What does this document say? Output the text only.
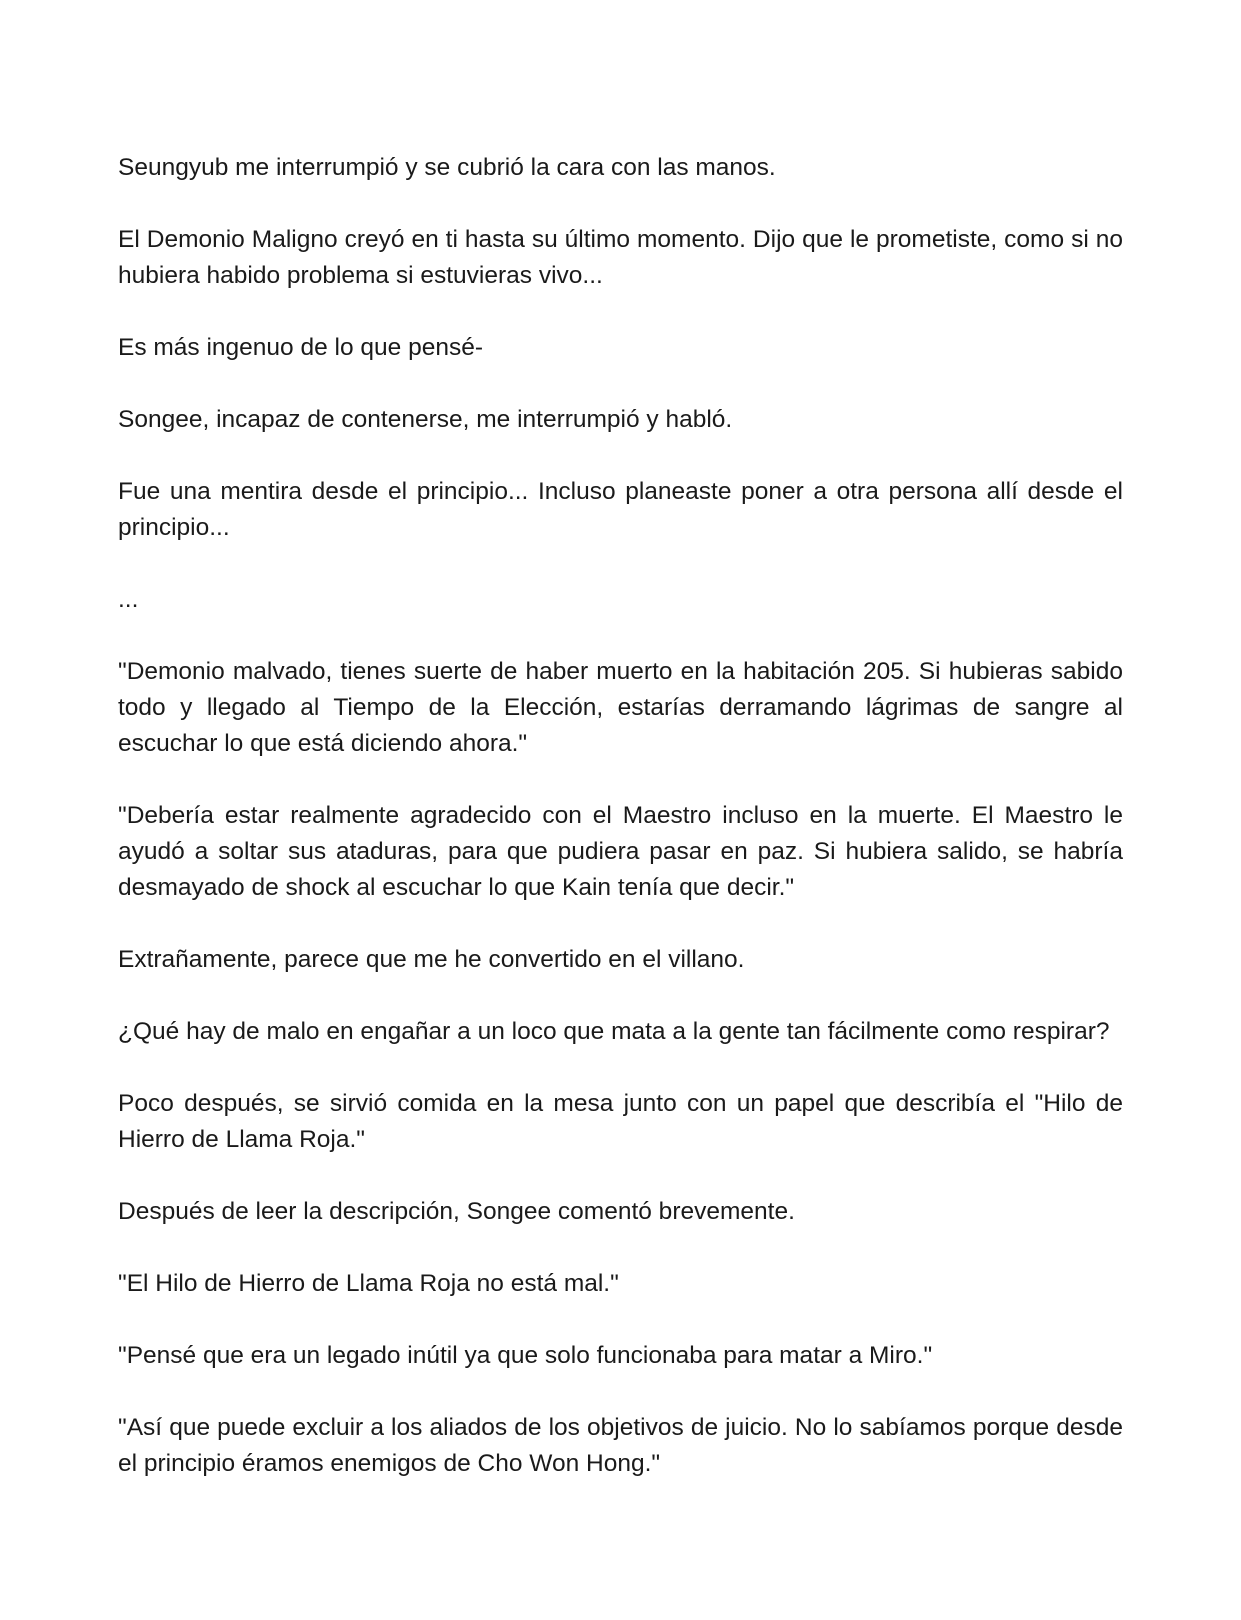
Seungyub me interrumpió y se cubrió la cara con las manos.

El Demonio Maligno creyó en ti hasta su último momento. Dijo que le prometiste, como si no hubiera habido problema si estuvieras vivo...

Es más ingenuo de lo que pensé-

Songee, incapaz de contenerse, me interrumpió y habló.

Fue una mentira desde el principio... Incluso planeaste poner a otra persona allí desde el principio...

...

"Demonio malvado, tienes suerte de haber muerto en la habitación 205. Si hubieras sabido todo y llegado al Tiempo de la Elección, estarías derramando lágrimas de sangre al escuchar lo que está diciendo ahora."

"Debería estar realmente agradecido con el Maestro incluso en la muerte. El Maestro le ayudó a soltar sus ataduras, para que pudiera pasar en paz. Si hubiera salido, se habría desmayado de shock al escuchar lo que Kain tenía que decir."

Extrañamente, parece que me he convertido en el villano.

¿Qué hay de malo en engañar a un loco que mata a la gente tan fácilmente como respirar?

Poco después, se sirvió comida en la mesa junto con un papel que describía el "Hilo de Hierro de Llama Roja."

Después de leer la descripción, Songee comentó brevemente.

"El Hilo de Hierro de Llama Roja no está mal."

"Pensé que era un legado inútil ya que solo funcionaba para matar a Miro."

"Así que puede excluir a los aliados de los objetivos de juicio. No lo sabíamos porque desde el principio éramos enemigos de Cho Won Hong."
